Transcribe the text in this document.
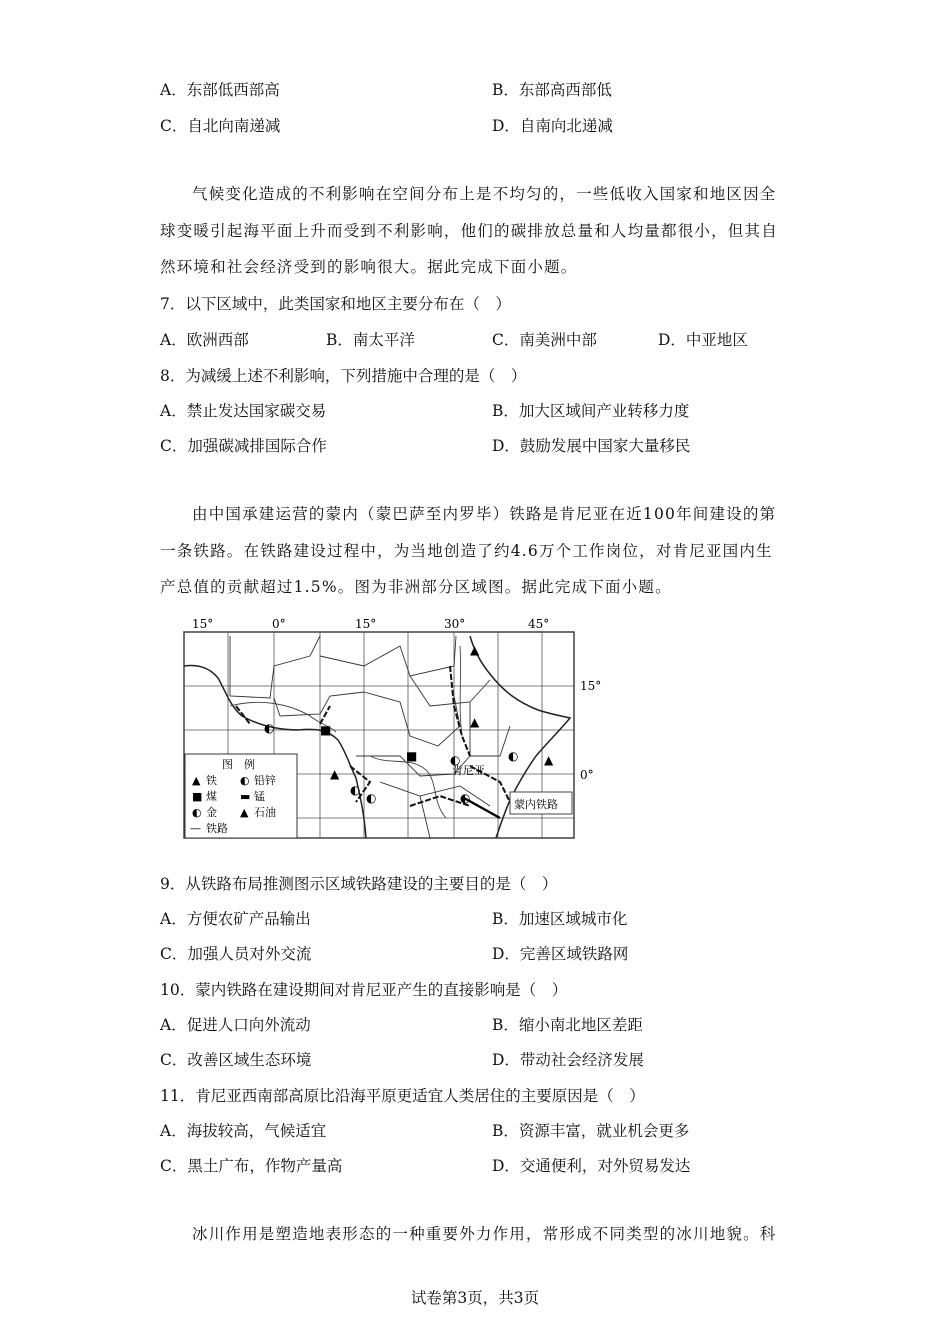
A．东部低西部高	B．东部高西部低
C．自北向南递减	D．自南向北递减
气候变化造成的不利影响在空间分布上是不均匀的，一些低收入国家和地区因全
球变暖引起海平面上升而受到不利影响，他们的碳排放总量和人均量都很小，但其自
然环境和社会经济受到的影响很大。据此完成下面小题。
7．以下区域中，此类国家和地区主要分布在（　）
A．欧洲西部	B．南太平洋	C．南美洲中部	D．中亚地区
8．为减缓上述不利影响，下列措施中合理的是（　）
A．禁止发达国家碳交易	B．加大区域间产业转移力度
C．加强碳减排国际合作	D．鼓励发展中国家大量移民
由中国承建运营的蒙内（蒙巴萨至内罗毕）铁路是肯尼亚在近100年间建设的第
一条铁路。在铁路建设过程中，为当地创造了约4.6万个工作岗位，对肯尼亚国内生
产总值的贡献超过1.5%。图为非洲部分区域图。据此完成下面小题。
15°	0°	15°	30°	45°
15°
0°
▲
▲
◐
◐
■
■
◐
◐	◐
◐
▲
▲
肯尼亚
蒙内铁路
图　例
▲ 铁 ◐ 铅锌
■ 煤 ▬ 锰
◐ 金 ▲ 石油
— 铁路
9．从铁路布局推测图示区域铁路建设的主要目的是（　）
A．方便农矿产品输出	B．加速区域城市化
C．加强人员对外交流	D．完善区域铁路网
10．蒙内铁路在建设期间对肯尼亚产生的直接影响是（　）
A．促进人口向外流动	B．缩小南北地区差距
C．改善区域生态环境	D．带动社会经济发展
11．肯尼亚西南部高原比沿海平原更适宜人类居住的主要原因是（　）
A．海拔较高，气候适宜	B．资源丰富，就业机会更多
C．黑土广布，作物产量高	D．交通便利，对外贸易发达
冰川作用是塑造地表形态的一种重要外力作用，常形成不同类型的冰川地貌。科
试卷第3页，共3页
